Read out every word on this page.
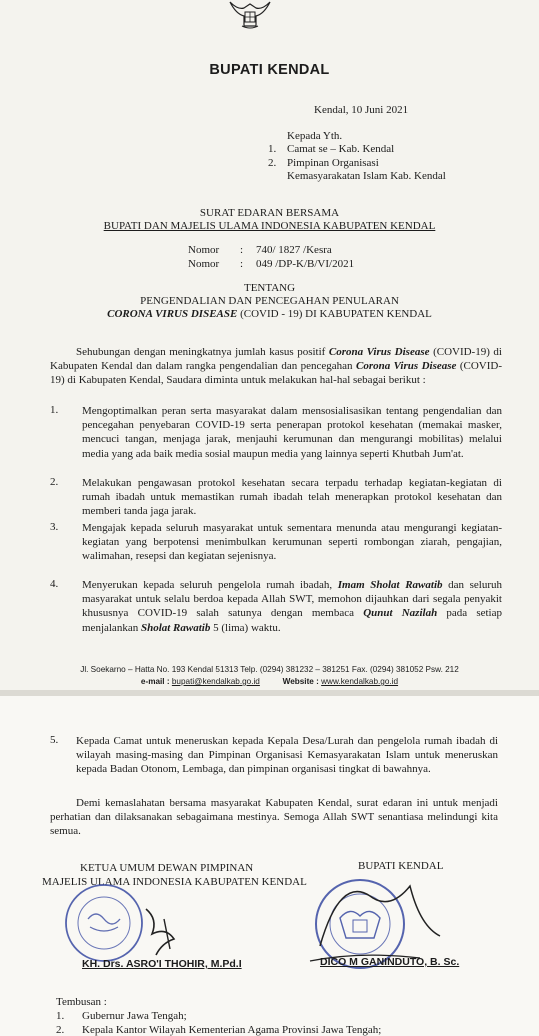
BUPATI KENDAL
Kendal, 10 Juni 2021
Kepada Yth.
1. Camat se – Kab. Kendal
2. Pimpinan Organisasi
Kemasyarakatan Islam Kab. Kendal
SURAT EDARAN BERSAMA
BUPATI DAN MAJELIS ULAMA INDONESIA KABUPATEN KENDAL
Nomor : 740/ 1827 /Kesra
Nomor : 049 /DP-K/B/VI/2021
TENTANG
PENGENDALIAN DAN PENCEGAHAN PENULARAN
CORONA VIRUS DISEASE (COVID - 19) DI KABUPATEN KENDAL
Sehubungan dengan meningkatnya jumlah kasus positif Corona Virus Disease (COVID-19) di Kabupaten Kendal dan dalam rangka pengendalian dan pencegahan Corona Virus Disease (COVID-19) di Kabupaten Kendal, Saudara diminta untuk melakukan hal-hal sebagai berikut :
1. Mengoptimalkan peran serta masyarakat dalam mensosialisasikan tentang pengendalian dan pencegahan penyebaran COVID-19 serta penerapan protokol kesehatan (memakai masker, mencuci tangan, menjaga jarak, menjauhi kerumunan dan mengurangi mobilitas) melalui media yang ada baik media sosial maupun media yang lainnya seperti Khutbah Jum'at.
2. Melakukan pengawasan protokol kesehatan secara terpadu terhadap kegiatan-kegiatan di rumah ibadah untuk memastikan rumah ibadah telah menerapkan protokol kesehatan dan memberi tanda jaga jarak.
3. Mengajak kepada seluruh masyarakat untuk sementara menunda atau mengurangi kegiatan-kegiatan yang berpotensi menimbulkan kerumunan seperti rombongan ziarah, pengajian, walimahan, resepsi dan kegiatan sejenisnya.
4. Menyerukan kepada seluruh pengelola rumah ibadah, Imam Sholat Rawatib dan seluruh masyarakat untuk selalu berdoa kepada Allah SWT, memohon dijauhkan dari segala penyakit khususnya COVID-19 salah satunya dengan membaca Qunut Nazilah pada setiap menjalankan Sholat Rawatib 5 (lima) waktu.
Jl. Soekarno – Hatta No. 193 Kendal 51313 Telp. (0294) 381232 – 381251 Fax. (0294) 381052 Psw. 212
e-mail : bupati@kendalkab.go.id	Website : www.kendalkab.go.id
5. Kepada Camat untuk meneruskan kepada Kepala Desa/Lurah dan pengelola rumah ibadah di wilayah masing-masing dan Pimpinan Organisasi Kemasyarakatan Islam untuk meneruskan kepada Badan Otonom, Lembaga, dan pimpinan organisasi tingkat di bawahnya.
Demi kemaslahatan bersama masyarakat Kabupaten Kendal, surat edaran ini untuk menjadi perhatian dan dilaksanakan sebagaimana mestinya. Semoga Allah SWT senantiasa melindungi kita semua.
KETUA UMUM DEWAN PIMPINAN
MAJELIS ULAMA INDONESIA KABUPATEN KENDAL
BUPATI KENDAL
KH. Drs. ASRO'I THOHIR, M.Pd.I	DICO M GANINDUTO, B. Sc.
Tembusan :
1. Gubernur Jawa Tengah;
2. Kepala Kantor Wilayah Kementerian Agama Provinsi Jawa Tengah;
